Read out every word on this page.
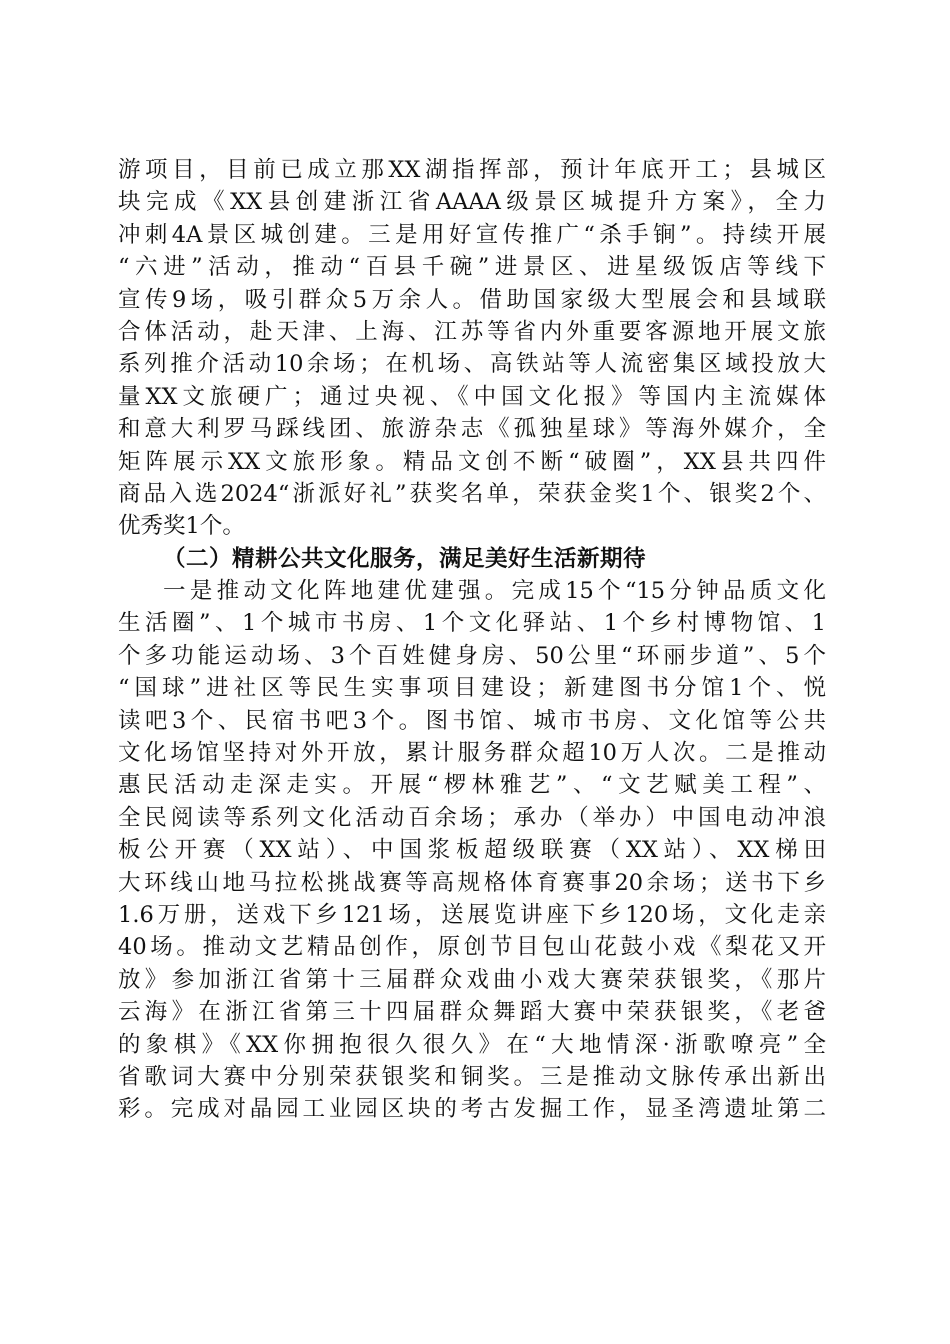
游项目，目前已成立那XX湖指挥部，预计年底开工；县城区
块完成《XX县创建浙江省AAAA级景区城提升方案》，全力
冲刺4A景区城创建。三是用好宣传推广“杀手锏”。持续开展
“六进”活动，推动“百县千碗”进景区、进星级饭店等线下
宣传9场，吸引群众5万余人。借助国家级大型展会和县域联
合体活动，赴天津、上海、江苏等省内外重要客源地开展文旅
系列推介活动10余场；在机场、高铁站等人流密集区域投放大
量XX文旅硬广；通过央视、《中国文化报》等国内主流媒体
和意大利罗马踩线团、旅游杂志《孤独星球》等海外媒介，全
矩阵展示XX文旅形象。精品文创不断“破圈”，XX县共四件
商品入选2024“浙派好礼”获奖名单，荣获金奖1个、银奖2个、
优秀奖1个。
（二）精耕公共文化服务，满足美好生活新期待
一是推动文化阵地建优建强。完成15个“15分钟品质文化
生活圈”、1个城市书房、1个文化驿站、1个乡村博物馆、1
个多功能运动场、3个百姓健身房、50公里“环丽步道”、5个
“国球”进社区等民生实事项目建设；新建图书分馆1个、悦
读吧3个、民宿书吧3个。图书馆、城市书房、文化馆等公共
文化场馆坚持对外开放，累计服务群众超10万人次。二是推动
惠民活动走深走实。开展“椤林雅艺”、“文艺赋美工程”、
全民阅读等系列文化活动百余场；承办（举办）中国电动冲浪
板公开赛（XX站）、中国浆板超级联赛（XX站）、XX梯田
大环线山地马拉松挑战赛等高规格体育赛事20余场；送书下乡
1.6万册，送戏下乡121场，送展览讲座下乡120场，文化走亲
40场。推动文艺精品创作，原创节目包山花鼓小戏《梨花又开
放》参加浙江省第十三届群众戏曲小戏大赛荣获银奖，《那片
云海》在浙江省第三十四届群众舞蹈大赛中荣获银奖，《老爸
的象棋》《XX你拥抱很久很久》在“大地情深·浙歌嘹亮”全
省歌词大赛中分别荣获银奖和铜奖。三是推动文脉传承出新出
彩。完成对晶园工业园区块的考古发掘工作，显圣湾遗址第二
